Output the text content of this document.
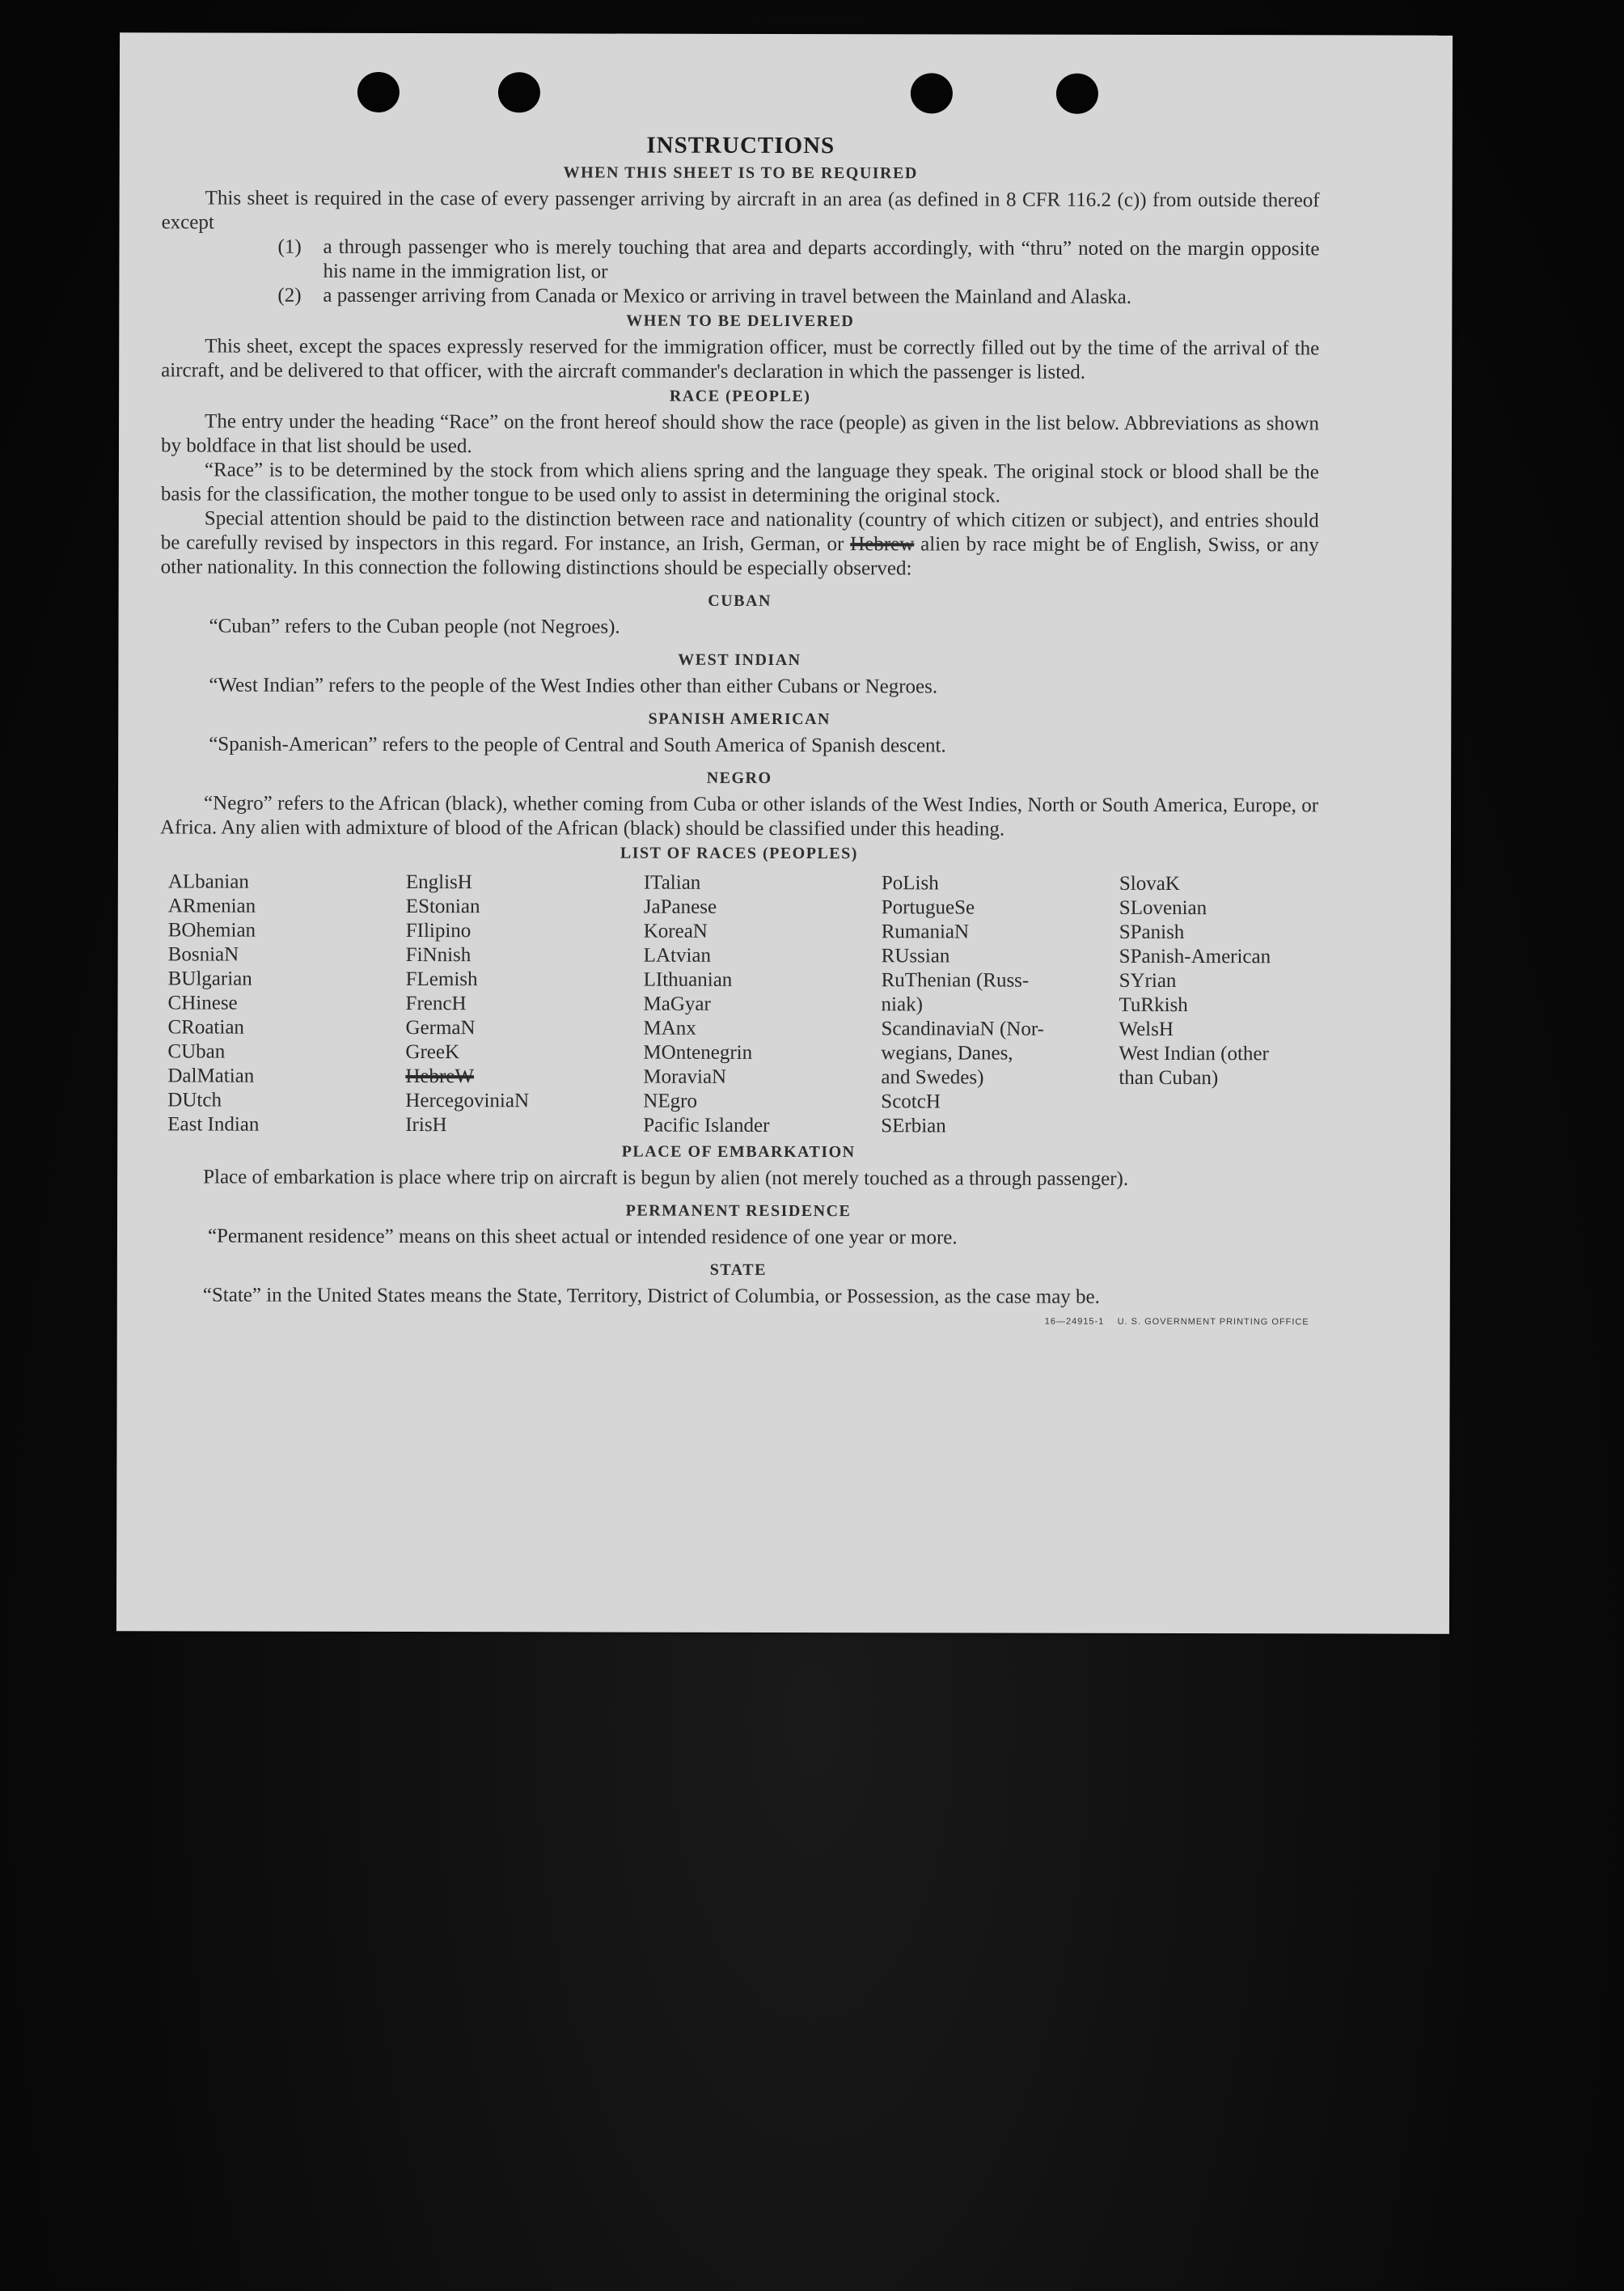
INSTRUCTIONS
WHEN THIS SHEET IS TO BE REQUIRED

This sheet is required in the case of every passenger arriving by aircraft in an area (as defined in 8 CFR 116.2 (c)) from outside thereof except

(1) a through passenger who is merely touching that area and departs accordingly, with “thru” noted on the margin opposite his name in the immigration list, or

(2) a passenger arriving from Canada or Mexico or arriving in travel between the Mainland and Alaska.

WHEN TO BE DELIVERED

This sheet, except the spaces expressly reserved for the immigration officer, must be correctly filled out by the time of the arrival of the aircraft, and be delivered to that officer, with the aircraft commander's declaration in which the passenger is listed.

RACE (PEOPLE)

The entry under the heading “Race” on the front hereof should show the race (people) as given in the list below. Abbreviations as shown by boldface in that list should be used.

“Race” is to be determined by the stock from which aliens spring and the language they speak. The original stock or blood shall be the basis for the classification, the mother tongue to be used only to assist in determining the original stock.

Special attention should be paid to the distinction between race and nationality (country of which citizen or subject), and entries should be carefully revised by inspectors in this regard. For instance, an Irish, German, or Hebrew alien by race might be of English, Swiss, or any other nationality. In this connection the following distinctions should be especially observed:

CUBAN

“Cuban” refers to the Cuban people (not Negroes).

WEST INDIAN

“West Indian” refers to the people of the West Indies other than either Cubans or Negroes.

SPANISH AMERICAN

“Spanish-American” refers to the people of Central and South America of Spanish descent.

NEGRO

“Negro” refers to the African (black), whether coming from Cuba or other islands of the West Indies, North or South America, Europe, or Africa. Any alien with admixture of blood of the African (black) should be classified under this heading.

LIST OF RACES (PEOPLES)
ALbanian
ARmenian
BOhemian
BosniaN
BUlgarian
CHinese
CRoatian
CUban
DalMatian
DUtch
East Indian
EnglisH
EStonian
FIlipino
FiNnish
FLemish
FrencH
GermaN
GreeK
HebreW
HercegoviniaN
IrisH
ITalian
JaPanese
KoreaN
LAtvian
LIthuanian
MaGyar
MAnx
MOntenegrin
MoraviaN
NEgro
Pacific Islander
PoLish
PortugueSe
RumaniaN
RUssian
RuThenian (Russ-
niak)
ScandinaviaN (Nor-
wegians, Danes,
and Swedes)
ScotcH
SErbian
SlovaK
SLovenian
SPanish
SPanish-American
SYrian
TuRkish
WelsH
West Indian (other
than Cuban)
PLACE OF EMBARKATION

Place of embarkation is place where trip on aircraft is begun by alien (not merely touched as a through passenger).

PERMANENT RESIDENCE

“Permanent residence” means on this sheet actual or intended residence of one year or more.

STATE

“State” in the United States means the State, Territory, District of Columbia, or Possession, as the case may be.

16—24915-1 U. S. GOVERNMENT PRINTING OFFICE
